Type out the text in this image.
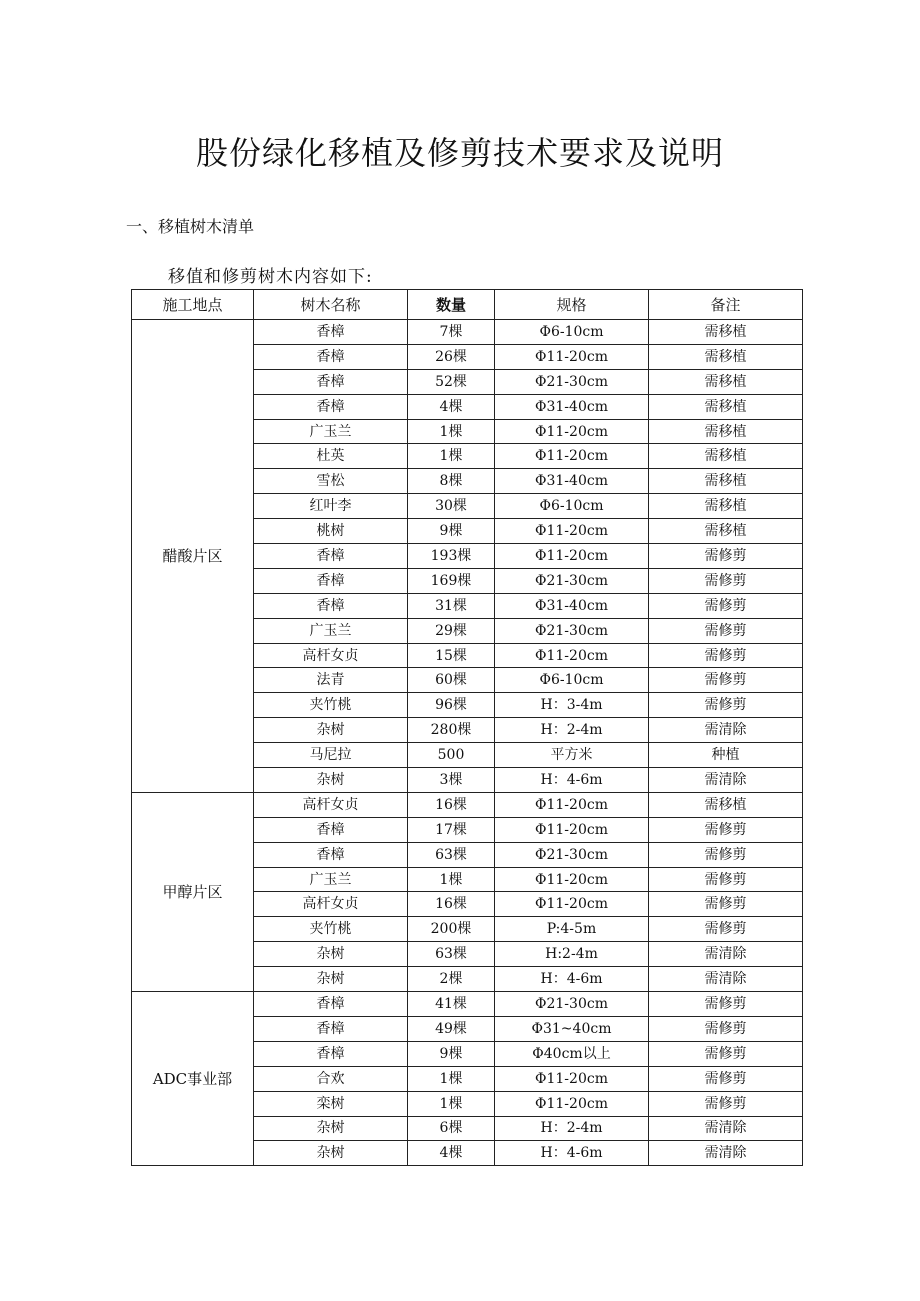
股份绿化移植及修剪技术要求及说明
一、移植树木清单
移值和修剪树木内容如下:
施工地点	树木名称	数量	规格	备注
醋酸片区	香樟	7棵	Φ6-10cm	需移植
	香樟	26棵	Φ11-20cm	需移植
	香樟	52棵	Φ21-30cm	需移植
	香樟	4棵	Φ31-40cm	需移植
	广玉兰	1棵	Φ11-20cm	需移植
	杜英	1棵	Φ11-20cm	需移植
	雪松	8棵	Φ31-40cm	需移植
	红叶李	30棵	Φ6-10cm	需移植
	桃树	9棵	Φ11-20cm	需移植
	香樟	193棵	Φ11-20cm	需修剪
	香樟	169棵	Φ21-30cm	需修剪
	香樟	31棵	Φ31-40cm	需修剪
	广玉兰	29棵	Φ21-30cm	需修剪
	高杆女贞	15棵	Φ11-20cm	需修剪
	法青	60棵	Φ6-10cm	需修剪
	夹竹桃	96棵	H：3-4m	需修剪
	杂树	280棵	H：2-4m	需清除
	马尼拉	500	平方米	种植
	杂树	3棵	H：4-6m	需清除
甲醇片区	高杆女贞	16棵	Φ11-20cm	需移植
	香樟	17棵	Φ11-20cm	需修剪
	香樟	63棵	Φ21-30cm	需修剪
	广玉兰	1棵	Φ11-20cm	需修剪
	高杆女贞	16棵	Φ11-20cm	需修剪
	夹竹桃	200棵	P:4-5m	需修剪
	杂树	63棵	H:2-4m	需清除
	杂树	2棵	H：4-6m	需清除
ADC事业部	香樟	41棵	Φ21-30cm	需修剪
	香樟	49棵	Φ31~40cm	需修剪
	香樟	9棵	Φ40cm以上	需修剪
	合欢	1棵	Φ11-20cm	需修剪
	栾树	1棵	Φ11-20cm	需修剪
	杂树	6棵	H：2-4m	需清除
	杂树	4棵	H：4-6m	需清除
